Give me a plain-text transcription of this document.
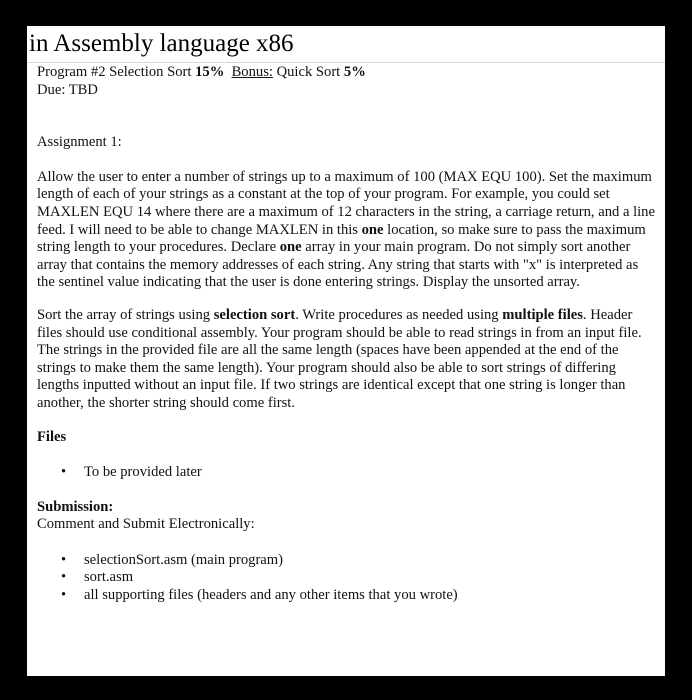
in Assembly language x86

Program #2 Selection Sort 15% Bonus: Quick Sort 5%

Due: TBD

Assignment 1:

Allow the user to enter a number of strings up to a maximum of 100 (MAX EQU 100). Set the maximum length of each of your strings as a constant at the top of your program. For example, you could set MAXLEN EQU 14 where there are a maximum of 12 characters in the string, a carriage return, and a line feed. I will need to be able to change MAXLEN in this one location, so make sure to pass the maximum string length to your procedures. Declare one array in your main program. Do not simply sort another array that contains the memory addresses of each string. Any string that starts with "x" is interpreted as the sentinel value indicating that the user is done entering strings. Display the unsorted array.

Sort the array of strings using selection sort. Write procedures as needed using multiple files. Header files should use conditional assembly. Your program should be able to read strings in from an input file. The strings in the provided file are all the same length (spaces have been appended at the end of the strings to make them the same length). Your program should also be able to sort strings of differing lengths inputted without an input file. If two strings are identical except that one string is longer than another, the shorter string should come first.

Files

• To be provided later

Submission:

Comment and Submit Electronically:

• selectionSort.asm (main program)
• sort.asm
• all supporting files (headers and any other items that you wrote)
